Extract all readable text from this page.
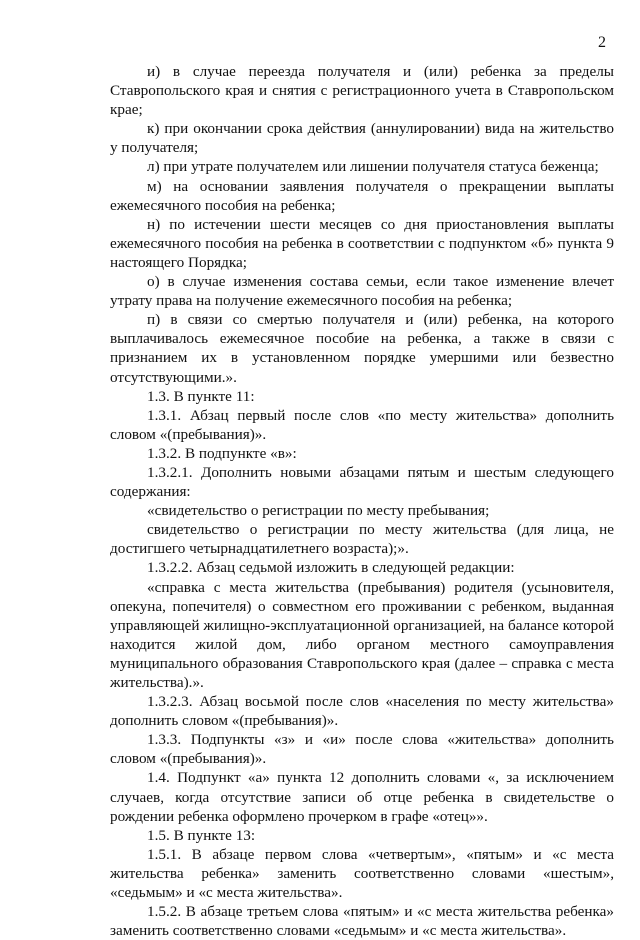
2

и) в случае переезда получателя и (или) ребенка за пределы Ставропольского края и снятия с регистрационного учета в Ставропольском крае;

к) при окончании срока действия (аннулировании) вида на жительство у получателя;

л) при утрате получателем или лишении получателя статуса беженца;

м) на основании заявления получателя о прекращении выплаты ежемесячного пособия на ребенка;

н) по истечении шести месяцев со дня приостановления выплаты ежемесячного пособия на ребенка в соответствии с подпунктом «б» пункта 9 настоящего Порядка;

о) в случае изменения состава семьи, если такое изменение влечет утрату права на получение ежемесячного пособия на ребенка;

п) в связи со смертью получателя и (или) ребенка, на которого выплачивалось ежемесячное пособие на ребенка, а также в связи с признанием их в установленном порядке умершими или безвестно отсутствующими.».

1.3. В пункте 11:

1.3.1. Абзац первый после слов «по месту жительства» дополнить словом «(пребывания)».

1.3.2. В подпункте «в»:

1.3.2.1. Дополнить новыми абзацами пятым и шестым следующего содержания:

«свидетельство о регистрации по месту пребывания;

свидетельство о регистрации по месту жительства (для лица, не достигшего четырнадцатилетнего возраста);».

1.3.2.2. Абзац седьмой изложить в следующей редакции:

«справка с места жительства (пребывания) родителя (усыновителя, опекуна, попечителя) о совместном его проживании с ребенком, выданная управляющей жилищно-эксплуатационной организацией, на балансе которой находится жилой дом, либо органом местного самоуправления муниципального образования Ставропольского края (далее – справка с места жительства).».

1.3.2.3. Абзац восьмой после слов «населения по месту жительства» дополнить словом «(пребывания)».

1.3.3. Подпункты «з» и «и» после слова «жительства» дополнить словом «(пребывания)».

1.4. Подпункт «а» пункта 12 дополнить словами «, за исключением случаев, когда отсутствие записи об отце ребенка в свидетельстве о рождении ребенка оформлено прочерком в графе «отец»».

1.5. В пункте 13:

1.5.1. В абзаце первом слова «четвертым», «пятым» и «с места жительства ребенка» заменить соответственно словами «шестым», «седьмым» и «с места жительства».

1.5.2. В абзаце третьем слова «пятым» и «с места жительства ребенка» заменить соответственно словами «седьмым» и «с места жительства».
